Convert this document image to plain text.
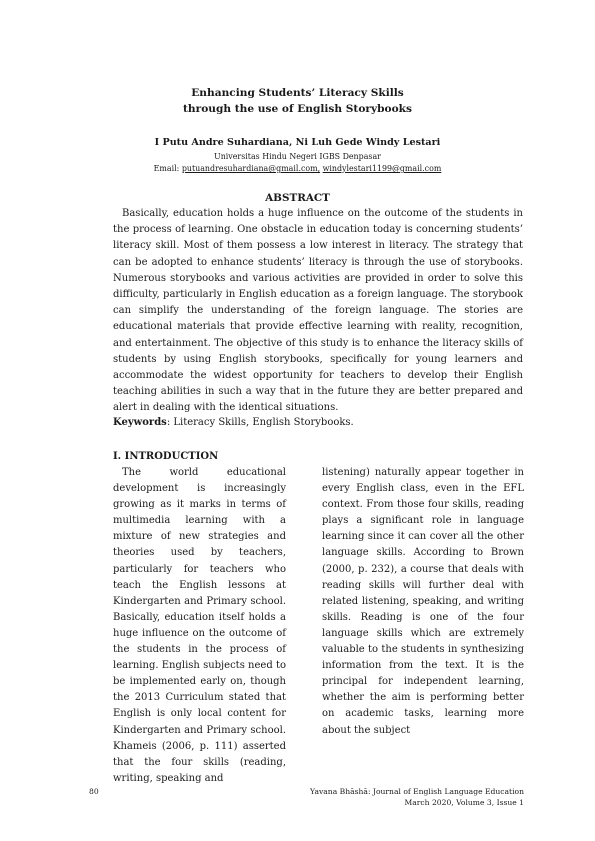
Enhancing Students’ Literacy Skills
through the use of English Storybooks
I Putu Andre Suhardiana, Ni Luh Gede Windy Lestari
Universitas Hindu Negeri IGBS Denpasar
Email: putuandresuhardiana@gmail.com, windylestari1199@gmail.com
ABSTRACT

Basically, education holds a huge influence on the outcome of the students in the process of learning. One obstacle in education today is concerning students’ literacy skill. Most of them possess a low interest in literacy. The strategy that can be adopted to enhance students’ literacy is through the use of storybooks. Numerous storybooks and various activities are provided in order to solve this difficulty, particularly in English education as a foreign language. The storybook can simplify the understanding of the foreign language. The stories are educational materials that provide effective learning with reality, recognition, and entertainment. The objective of this study is to enhance the literacy skills of students by using English storybooks, specifically for young learners and accommodate the widest opportunity for teachers to develop their English teaching abilities in such a way that in the future they are better prepared and alert in dealing with the identical situations.

Keywords: Literacy Skills, English Storybooks.

I. INTRODUCTION

The world educational development is increasingly growing as it marks in terms of multimedia learning with a mixture of new strategies and theories used by teachers, particularly for teachers who teach the English lessons at Kindergarten and Primary school. Basically, education itself holds a huge influence on the outcome of the students in the process of learning. English subjects need to be implemented early on, though the 2013 Curriculum stated that English is only local content for Kindergarten and Primary school. Khameis (2006, p. 111) asserted that the four skills (reading, writing, speaking and

listening) naturally appear together in every English class, even in the EFL context. From those four skills, reading plays a significant role in language learning since it can cover all the other language skills. According to Brown (2000, p. 232), a course that deals with reading skills will further deal with related listening, speaking, and writing skills. Reading is one of the four language skills which are extremely valuable to the students in synthesizing information from the text. It is the principal for independent learning, whether the aim is performing better on academic tasks, learning more about the subject

80	Yavana Bhāshā: Journal of English Language Education
March 2020, Volume 3, Issue 1
